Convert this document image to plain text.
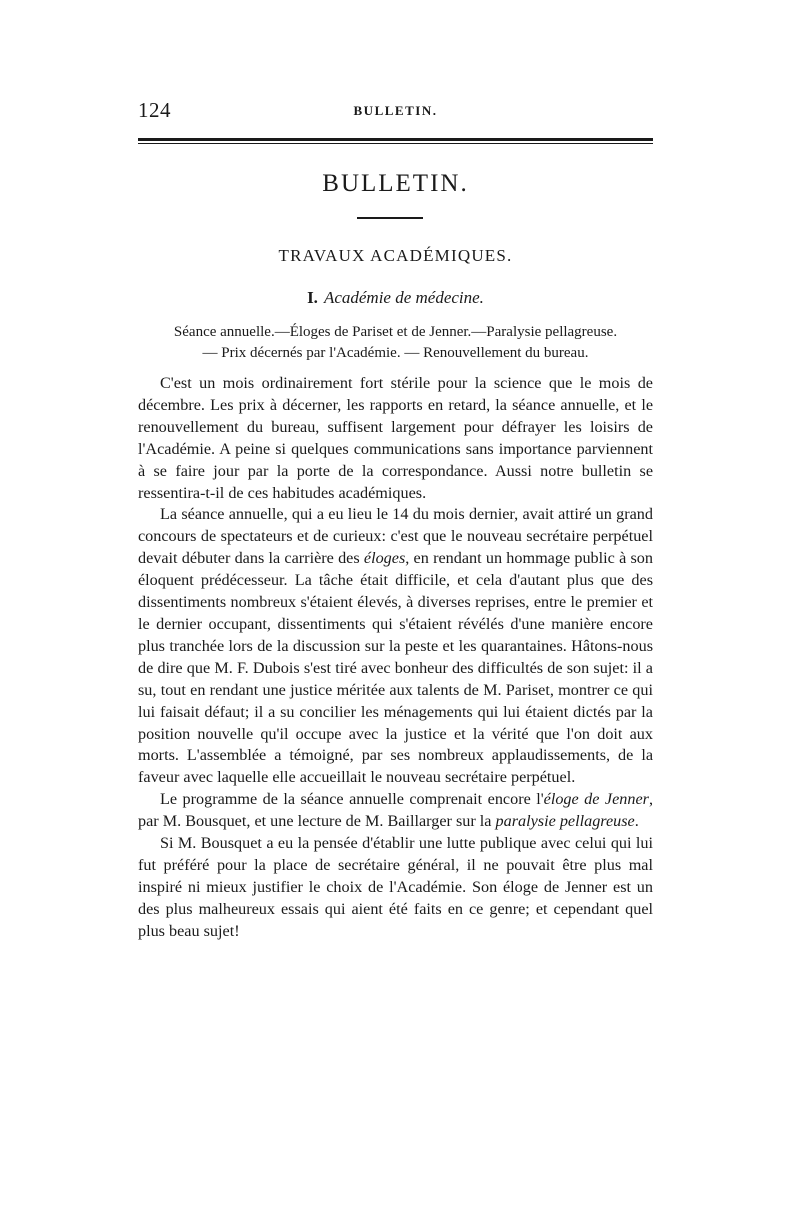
124	BULLETIN.
BULLETIN.
TRAVAUX ACADÉMIQUES.
I. Académie de médecine.
Séance annuelle.—Éloges de Pariset et de Jenner.—Paralysie pellagreuse.
— Prix décernés par l'Académie. — Renouvellement du bureau.

C'est un mois ordinairement fort stérile pour la science que le mois de décembre. Les prix à décerner, les rapports en retard, la séance annuelle, et le renouvellement du bureau, suffisent largement pour défrayer les loisirs de l'Académie. A peine si quelques communications sans importance parviennent à se faire jour par la porte de la correspondance. Aussi notre bulletin se ressentira-t-il de ces habitudes académiques.

La séance annuelle, qui a eu lieu le 14 du mois dernier, avait attiré un grand concours de spectateurs et de curieux: c'est que le nouveau secrétaire perpétuel devait débuter dans la carrière des éloges, en rendant un hommage public à son éloquent prédécesseur. La tâche était difficile, et cela d'autant plus que des dissentiments nombreux s'étaient élevés, à diverses reprises, entre le premier et le dernier occupant, dissentiments qui s'étaient révélés d'une manière encore plus tranchée lors de la discussion sur la peste et les quarantaines. Hâtons-nous de dire que M. F. Dubois s'est tiré avec bonheur des difficultés de son sujet: il a su, tout en rendant une justice méritée aux talents de M. Pariset, montrer ce qui lui faisait défaut; il a su concilier les ménagements qui lui étaient dictés par la position nouvelle qu'il occupe avec la justice et la vérité que l'on doit aux morts. L'assemblée a témoigné, par ses nombreux applaudissements, de la faveur avec laquelle elle accueillait le nouveau secrétaire perpétuel.

Le programme de la séance annuelle comprenait encore l'éloge de Jenner, par M. Bousquet, et une lecture de M. Baillarger sur la paralysie pellagreuse.

Si M. Bousquet a eu la pensée d'établir une lutte publique avec celui qui lui fut préféré pour la place de secrétaire général, il ne pouvait être plus mal inspiré ni mieux justifier le choix de l'Académie. Son éloge de Jenner est un des plus malheureux essais qui aient été faits en ce genre; et cependant quel plus beau sujet!
